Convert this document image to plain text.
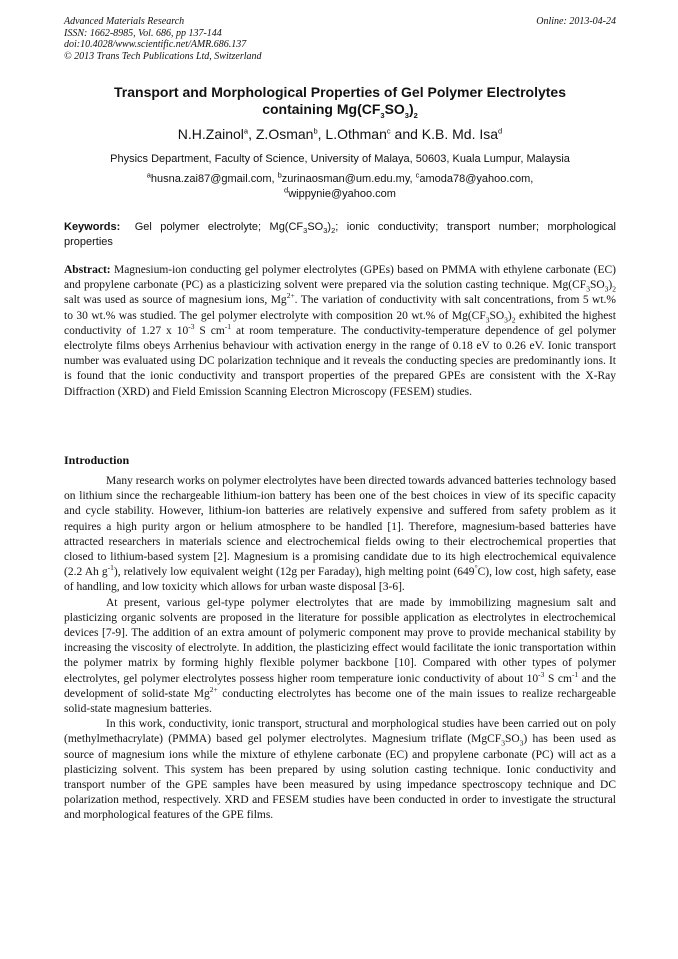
Advanced Materials Research
ISSN: 1662-8985, Vol. 686, pp 137-144
doi:10.4028/www.scientific.net/AMR.686.137
© 2013 Trans Tech Publications Ltd, Switzerland
Online: 2013-04-24
Transport and Morphological Properties of Gel Polymer Electrolytes
containing $Mg(CF_3SO_3)_2$
N.H.Zainol$^a$, Z.Osman$^b$, L.Othman$^c$ and K.B. Md. Isa$^d$
Physics Department, Faculty of Science, University of Malaya, 50603, Kuala Lumpur, Malaysia
$^a$husna.zai87@gmail.com, $^b$zurinaosman@um.edu.my, $^c$amoda78@yahoo.com,
$^d$wippynie@yahoo.com
Keywords: Gel polymer electrolyte; $Mg(CF_3SO_3)_2$; ionic conductivity; transport number; morphological properties
Abstract: Magnesium-ion conducting gel polymer electrolytes (GPEs) based on PMMA with ethylene carbonate (EC) and propylene carbonate (PC) as a plasticizing solvent were prepared via the solution casting technique. $Mg(CF_3SO_3)_2$ salt was used as source of magnesium ions, $Mg^{2+}$. The variation of conductivity with salt concentrations, from 5 wt.% to 30 wt.% was studied. The gel polymer electrolyte with composition 20 wt.% of $Mg(CF_3SO_3)_2$ exhibited the highest conductivity of 1.27 x $10^{-3}$ S $cm^{-1}$ at room temperature. The conductivity-temperature dependence of gel polymer electrolyte films obeys Arrhenius behaviour with activation energy in the range of 0.18 eV to 0.26 eV. Ionic transport number was evaluated using DC polarization technique and it reveals the conducting species are predominantly ions. It is found that the ionic conductivity and transport properties of the prepared GPEs are consistent with the X-Ray Diffraction (XRD) and Field Emission Scanning Electron Microscopy (FESEM) studies.
Introduction

Many research works on polymer electrolytes have been directed towards advanced batteries technology based on lithium since the rechargeable lithium-ion battery has been one of the best choices in view of its specific capacity and cycle stability. However, lithium-ion batteries are relatively expensive and suffered from safety problem as it requires a high purity argon or helium atmosphere to be handled [1]. Therefore, magnesium-based batteries have attracted researchers in materials science and electrochemical fields owing to their electrochemical properties that closed to lithium-based system [2]. Magnesium is a promising candidate due to its high electrochemical equivalence (2.2 Ah $g^{-1}$), relatively low equivalent weight (12g per Faraday), high melting point (649°C), low cost, high safety, ease of handling, and low toxicity which allows for urban waste disposal [3-6].

At present, various gel-type polymer electrolytes that are made by immobilizing magnesium salt and plasticizing organic solvents are proposed in the literature for possible application as electrolytes in electrochemical devices [7-9]. The addition of an extra amount of polymeric component may prove to provide mechanical stability by increasing the viscosity of electrolyte. In addition, the plasticizing effect would facilitate the ionic transportation within the polymer matrix by forming highly flexible polymer backbone [10]. Compared with other types of polymer electrolytes, gel polymer electrolytes possess higher room temperature ionic conductivity of about $10^{-3}$ S $cm^{-1}$ and the development of solid-state $Mg^{2+}$ conducting electrolytes has become one of the main issues to realize rechargeable solid-state magnesium batteries.

In this work, conductivity, ionic transport, structural and morphological studies have been carried out on poly (methylmethacrylate) (PMMA) based gel polymer electrolytes. Magnesium triflate $(MgCF_3SO_3)$ has been used as source of magnesium ions while the mixture of ethylene carbonate (EC) and propylene carbonate (PC) will act as a plasticizing solvent. This system has been prepared by using solution casting technique. Ionic conductivity and transport number of the GPE samples have been measured by using impedance spectroscopy technique and DC polarization method, respectively. XRD and FESEM studies have been conducted in order to investigate the structural and morphological features of the GPE films.
